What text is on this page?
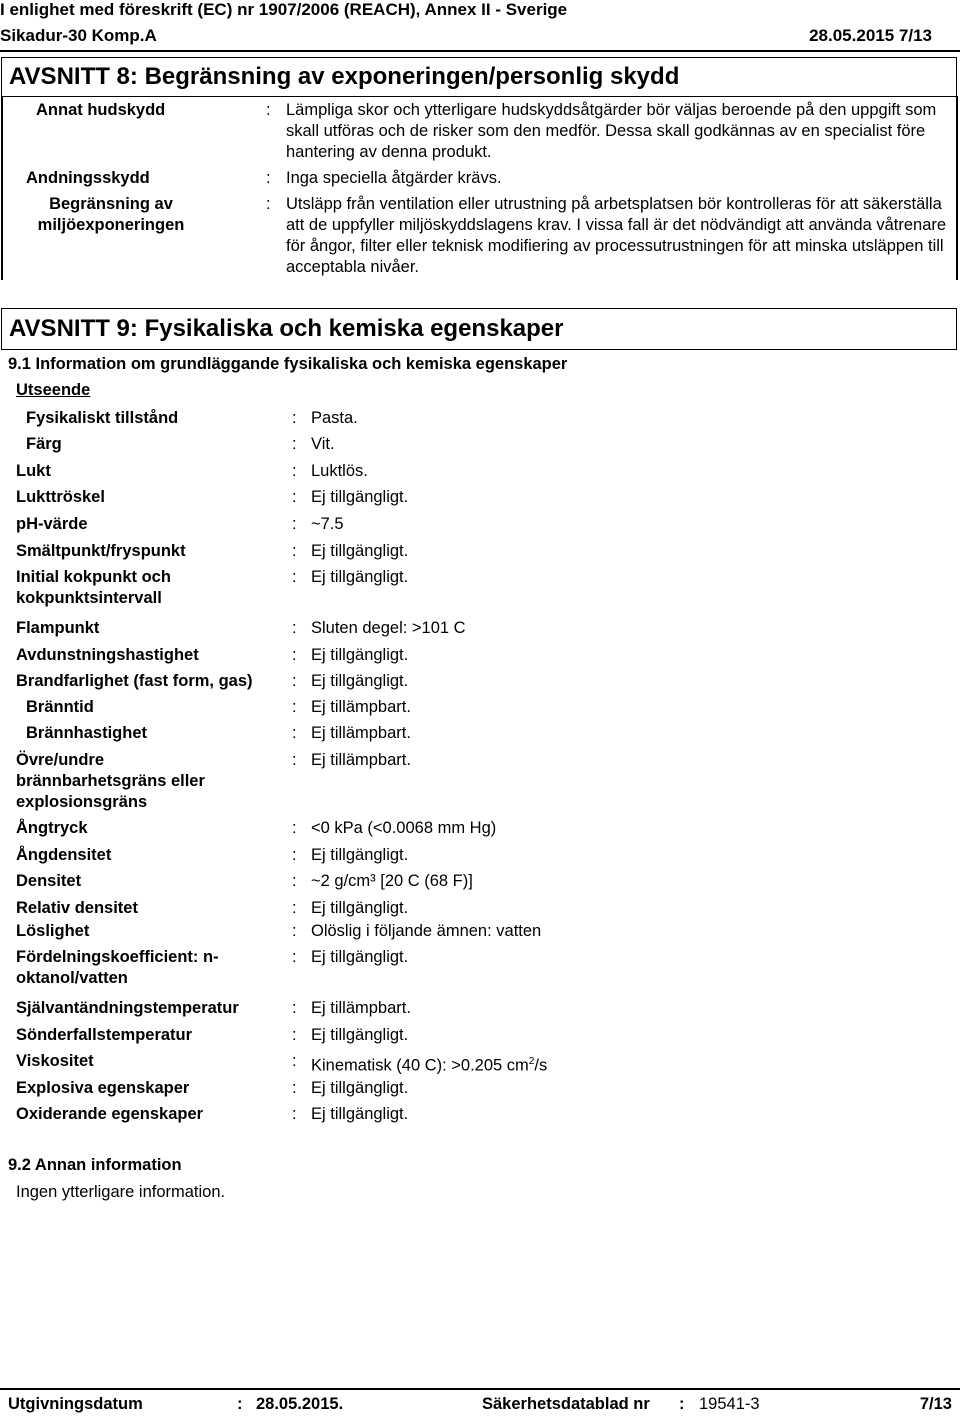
I enlighet med föreskrift (EC) nr 1907/2006 (REACH), Annex II - Sverige
Sikadur-30 Komp.A	28.05.2015 7/13
AVSNITT 8: Begränsning av exponeringen/personlig skydd
Annat hudskydd	: Lämpliga skor och ytterligare hudskyddsåtgärder bör väljas beroende på den uppgift som skall utföras och de risker som den medför. Dessa skall godkännas av en specialist före hantering av denna produkt.
Andningsskydd	: Inga speciella åtgärder krävs.
Begränsning av miljöexponeringen
: Utsläpp från ventilation eller utrustning på arbetsplatsen bör kontrolleras för att säkerställa att de uppfyller miljöskyddslagens krav. I vissa fall är det nödvändigt att använda våtrenare för ångor, filter eller teknisk modifiering av processutrustningen för att minska utsläppen till acceptabla nivåer.
AVSNITT 9: Fysikaliska och kemiska egenskaper
9.1 Information om grundläggande fysikaliska och kemiska egenskaper
Utseende
Fysikaliskt tillstånd	: Pasta.
Färg	: Vit.
Lukt	: Luktlös.
Lukttröskel	: Ej tillgängligt.
pH-värde	: ~7.5
Smältpunkt/fryspunkt	: Ej tillgängligt.
Initial kokpunkt och kokpunktsintervall
: Ej tillgängligt.
Flampunkt	: Sluten degel: >101 C
Avdunstningshastighet	: Ej tillgängligt.
Brandfarlighet (fast form, gas) : Ej tillgängligt.
Bränntid	: Ej tillämpbart.
Brännhastighet	: Ej tillämpbart.
Övre/undre brännbarhetsgräns eller explosionsgräns
: Ej tillämpbart.
Ångtryck	: <0 kPa (<0.0068 mm Hg)
Ångdensitet	: Ej tillgängligt.
Densitet	: ~2 g/cm³ [20 C (68 F)]
Relativ densitet	: Ej tillgängligt.
Löslighet	: Olöslig i följande ämnen: vatten
Fördelningskoefficient: n-oktanol/vatten
: Ej tillgängligt.
Självantändningstemperatur	: Ej tillämpbart.
Sönderfallstemperatur	: Ej tillgängligt.
Viskositet	: Kinematisk (40 C): >0.205 $cm^2/s$
Explosiva egenskaper	: Ej tillgängligt.
Oxiderande egenskaper	: Ej tillgängligt.
9.2 Annan information
Ingen ytterligare information.
Utgivningsdatum	: 28.05.2015.	Säkerhetsdatablad nr : 19541-3	7/13
